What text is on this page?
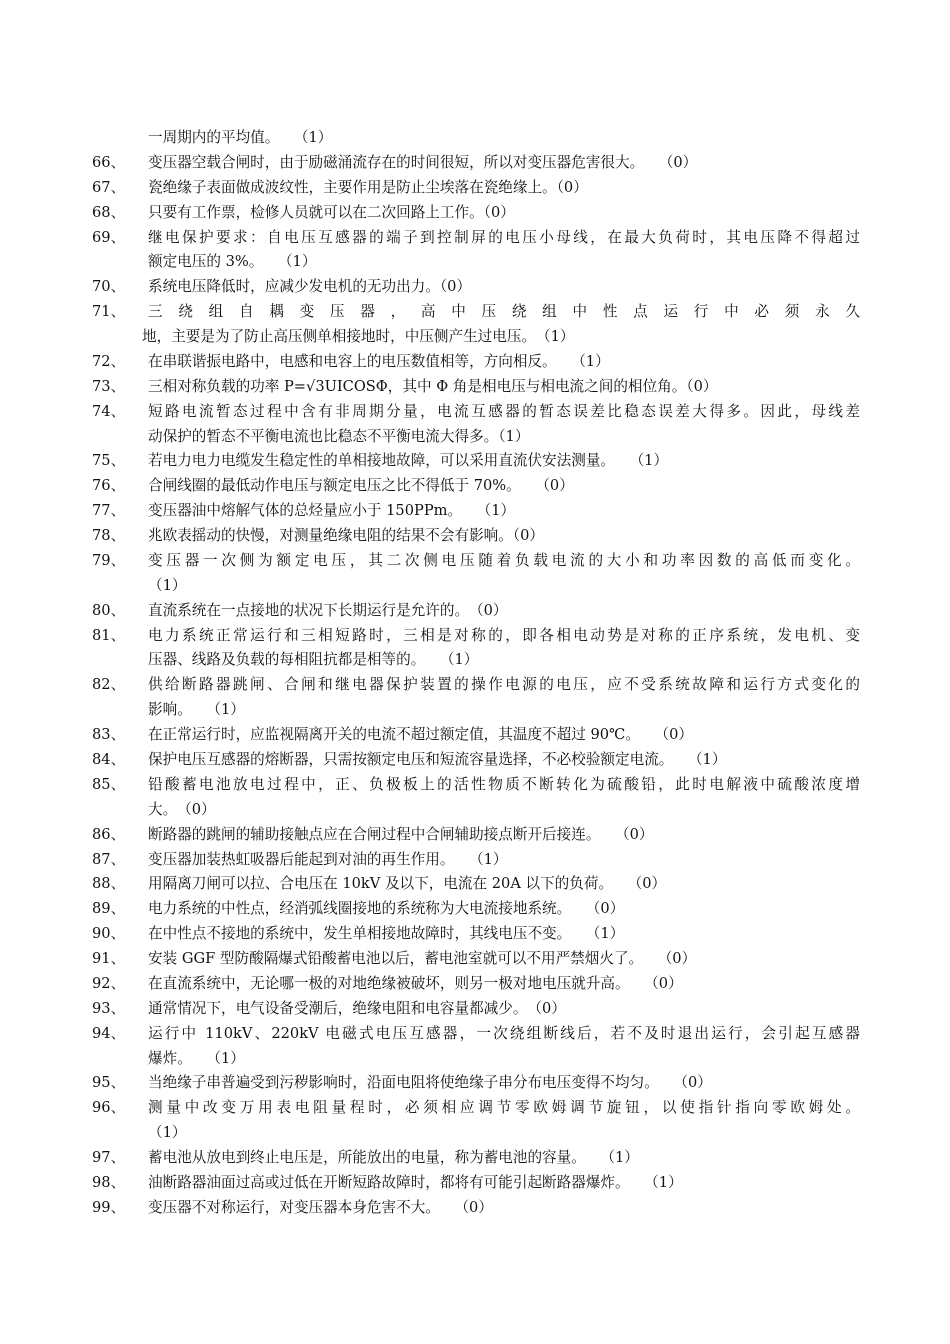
一周期内的平均值。　　（1）
66、 变压器空载合闸时，由于励磁涌流存在的时间很短，所以对变压器危害很大。　　（0）
67、 瓷绝缘子表面做成波纹性，主要作用是防止尘埃落在瓷绝缘上。（0）
68、 只要有工作票，检修人员就可以在二次回路上工作。（0）
69、 继电保护要求：自电压互感器的端子到控制屏的电压小母线，在最大负荷时，其电压降不得超过
额定电压的 3%。　　（1）
70、 系统电压降低时，应减少发电机的无功出力。（0）
71、 三绕组自耦变压器，高中压绕组中性点运行中必须永久
地，主要是为了防止高压侧单相接地时，中压侧产生过电压。　（1）
72、 在串联谐振电路中，电感和电容上的电压数值相等，方向相反。　　（1）
73、 三相对称负载的功率 P=√3UICOSΦ，其中 Φ 角是相电压与相电流之间的相位角。（0）
74、 短路电流暂态过程中含有非周期分量，电流互感器的暂态误差比稳态误差大得多。因此，母线差
动保护的暂态不平衡电流也比稳态不平衡电流大得多。（1）
75、 若电力电力电缆发生稳定性的单相接地故障，可以采用直流伏安法测量。　　（1）
76、 合闸线圈的最低动作电压与额定电压之比不得低于 70%。　　（0）
77、 变压器油中熔解气体的总烃量应小于 150PPm。　　（1）
78、 兆欧表摇动的快慢，对测量绝缘电阻的结果不会有影响。（0）
79、 变压器一次侧为额定电压，其二次侧电压随着负载电流的大小和功率因数的高低而变化。
（1）
80、 直流系统在一点接地的状况下长期运行是允许的。　（0）
81、 电力系统正常运行和三相短路时，三相是对称的，即各相电动势是对称的正序系统，发电机、变
压器、线路及负载的每相阻抗都是相等的。　　（1）
82、 供给断路器跳闸、合闸和继电器保护装置的操作电源的电压，应不受系统故障和运行方式变化的
影响。　　（1）
83、 在正常运行时，应监视隔离开关的电流不超过额定值，其温度不超过 90℃。　　（0）
84、 保护电压互感器的熔断器，只需按额定电压和短流容量选择，不必校验额定电流。　　（1）
85、 铅酸蓄电池放电过程中，正、负极板上的活性物质不断转化为硫酸铅，此时电解液中硫酸浓度增
大。　（0）
86、 断路器的跳闸的辅助接触点应在合闸过程中合闸辅助接点断开后接连。　　（0）
87、 变压器加装热虹吸器后能起到对油的再生作用。　　（1）
88、 用隔离刀闸可以拉、合电压在 10kV 及以下，电流在 20A 以下的负荷。　　（0）
89、 电力系统的中性点，经消弧线圈接地的系统称为大电流接地系统。　　（0）
90、 在中性点不接地的系统中，发生单相接地故障时，其线电压不变。　　（1）
91、 安装 GGF 型防酸隔爆式铅酸蓄电池以后，蓄电池室就可以不用严禁烟火了。　　（0）
92、 在直流系统中，无论哪一极的对地绝缘被破坏，则另一极对地电压就升高。　　（0）
93、 通常情况下，电气设备受潮后，绝缘电阻和电容量都减少。　（0）
94、 运行中 110kV、220kV 电磁式电压互感器，一次绕组断线后，若不及时退出运行，会引起互感器
爆炸。　　（1）
95、 当绝缘子串普遍受到污秽影响时，沿面电阻将使绝缘子串分布电压变得不均匀。　　（0）
96、 测量中改变万用表电阻量程时，必须相应调节零欧姆调节旋钮，以使指针指向零欧姆处。
（1）
97、 蓄电池从放电到终止电压是，所能放出的电量，称为蓄电池的容量。　　（1）
98、 油断路器油面过高或过低在开断短路故障时，都将有可能引起断路器爆炸。　　（1）
99、 变压器不对称运行，对变压器本身危害不大。　　（0）
